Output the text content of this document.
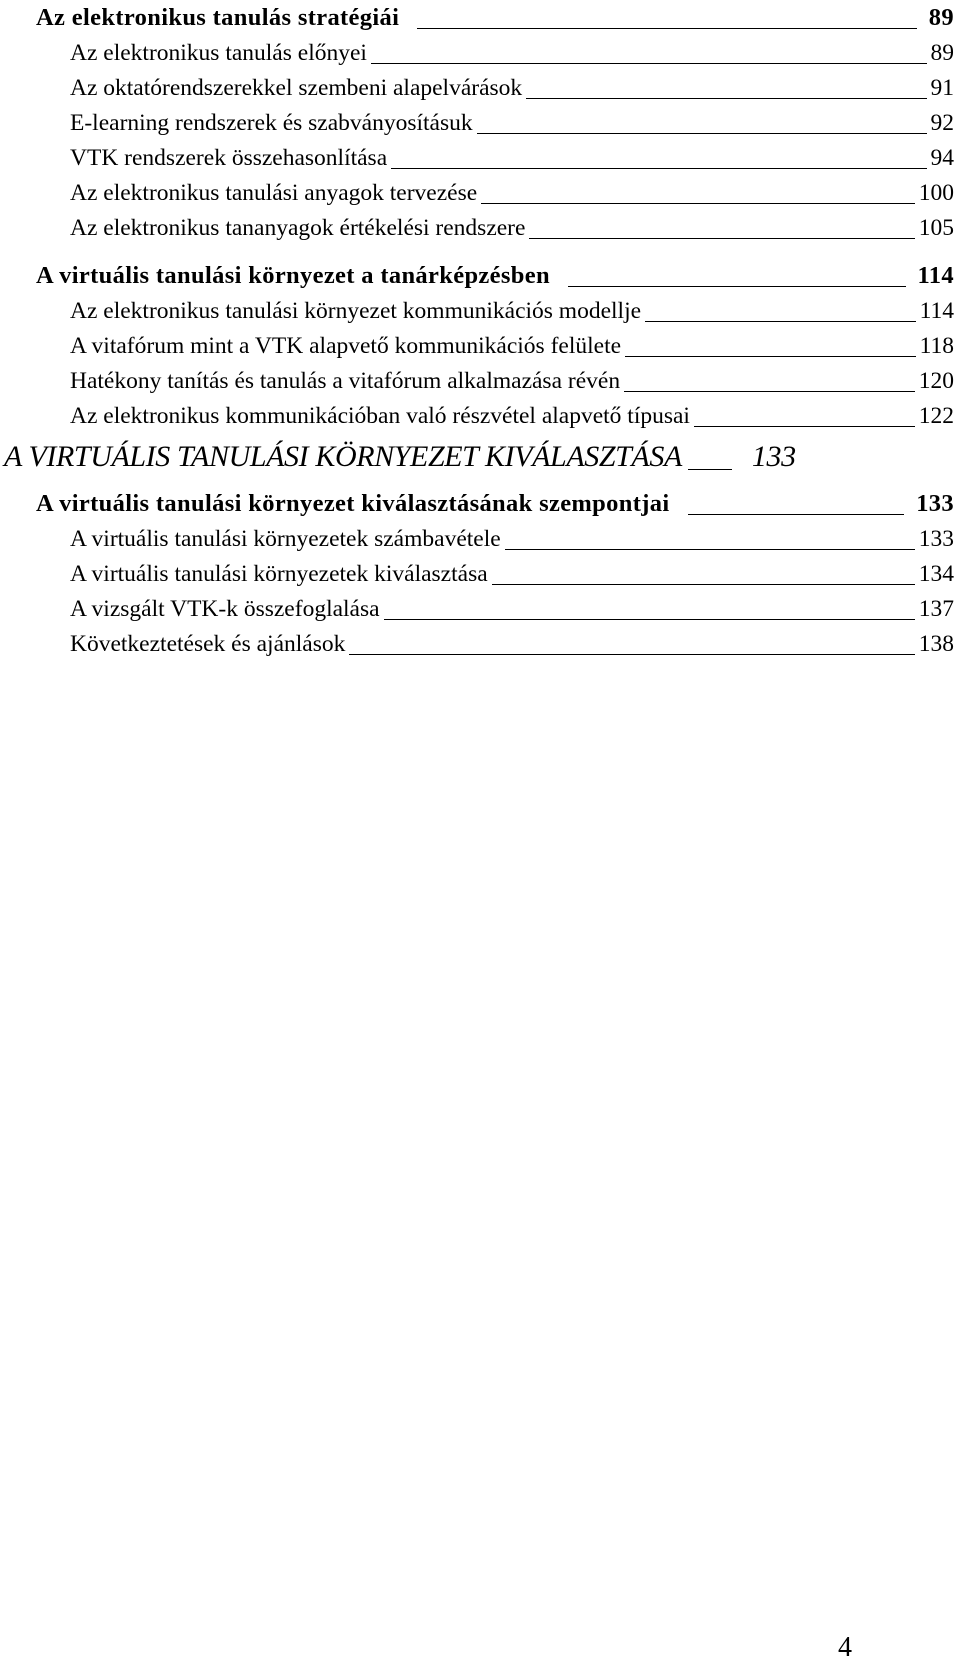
Az elektronikus tanulás stratégiái	89
Az elektronikus tanulás előnyei	89
Az oktatórendszerekkel szembeni alapelvárások	91
E-learning rendszerek és szabványosításuk	92
VTK rendszerek összehasonlítása	94
Az elektronikus tanulási anyagok tervezése	100
Az elektronikus tananyagok értékelési rendszere	105
A virtuális tanulási környezet a tanárképzésben	114
Az elektronikus tanulási környezet kommunikációs modellje	114
A vitafórum mint a VTK alapvető kommunikációs felülete	118
Hatékony tanítás és tanulás a vitafórum alkalmazása révén	120
Az elektronikus kommunikációban való részvétel alapvető típusai	122
A VIRTUÁLIS TANULÁSI KÖRNYEZET KIVÁLASZTÁSA 133
A virtuális tanulási környezet kiválasztásának szempontjai	133
A virtuális tanulási környezetek számbavétele	133
A virtuális tanulási környezetek kiválasztása	134
A vizsgált VTK-k összefoglalása	137
Következtetések és ajánlások	138
4
